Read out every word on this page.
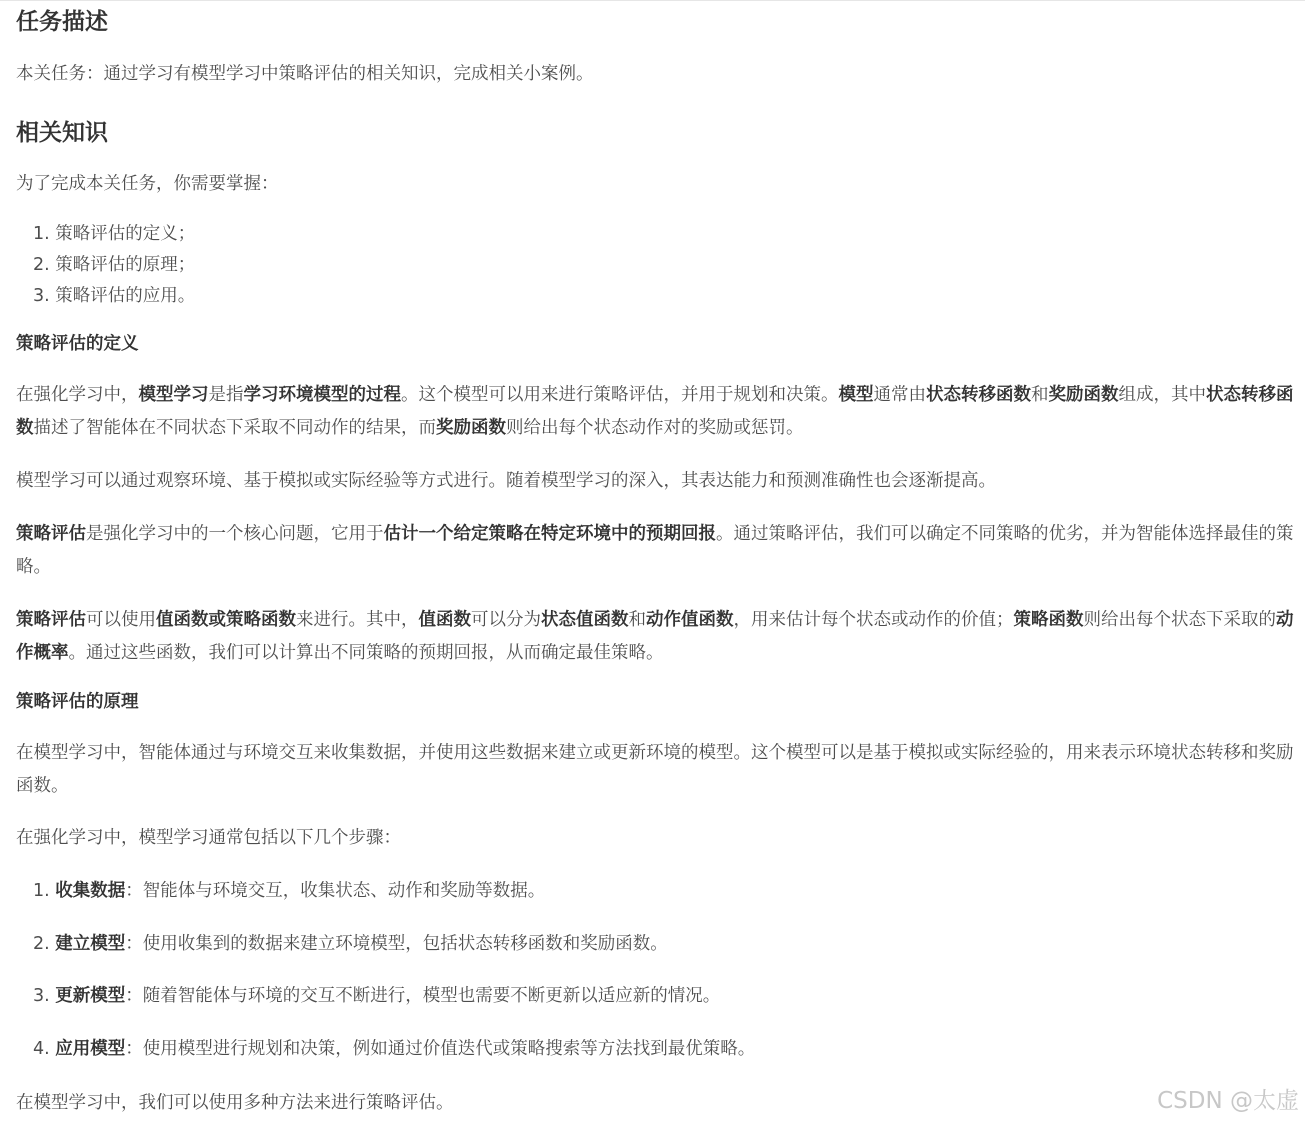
任务描述

本关任务：通过学习有模型学习中策略评估的相关知识，完成相关小案例。

相关知识

为了完成本关任务，你需要掌握：

1. 策略评估的定义；
2. 策略评估的原理；
3. 策略评估的应用。
策略评估的定义

在强化学习中，模型学习是指学习环境模型的过程。这个模型可以用来进行策略评估，并用于规划和决策。模型通常由状态转移函数和奖励函数组成，其中状态转移函数描述了智能体在不同状态下采取不同动作的结果，而奖励函数则给出每个状态动作对的奖励或惩罚。

模型学习可以通过观察环境、基于模拟或实际经验等方式进行。随着模型学习的深入，其表达能力和预测准确性也会逐渐提高。

策略评估是强化学习中的一个核心问题，它用于估计一个给定策略在特定环境中的预期回报。通过策略评估，我们可以确定不同策略的优劣，并为智能体选择最佳的策略。

策略评估可以使用值函数或策略函数来进行。其中，值函数可以分为状态值函数和动作值函数，用来估计每个状态或动作的价值；策略函数则给出每个状态下采取的动作概率。通过这些函数，我们可以计算出不同策略的预期回报，从而确定最佳策略。

策略评估的原理

在模型学习中，智能体通过与环境交互来收集数据，并使用这些数据来建立或更新环境的模型。这个模型可以是基于模拟或实际经验的，用来表示环境状态转移和奖励函数。

在强化学习中，模型学习通常包括以下几个步骤：

1. 收集数据：智能体与环境交互，收集状态、动作和奖励等数据。
2. 建立模型：使用收集到的数据来建立环境模型，包括状态转移函数和奖励函数。
3. 更新模型：随着智能体与环境的交互不断进行，模型也需要不断更新以适应新的情况。
4. 应用模型：使用模型进行规划和决策，例如通过价值迭代或策略搜索等方法找到最优策略。

在模型学习中，我们可以使用多种方法来进行策略评估。	CSDN @太虚
